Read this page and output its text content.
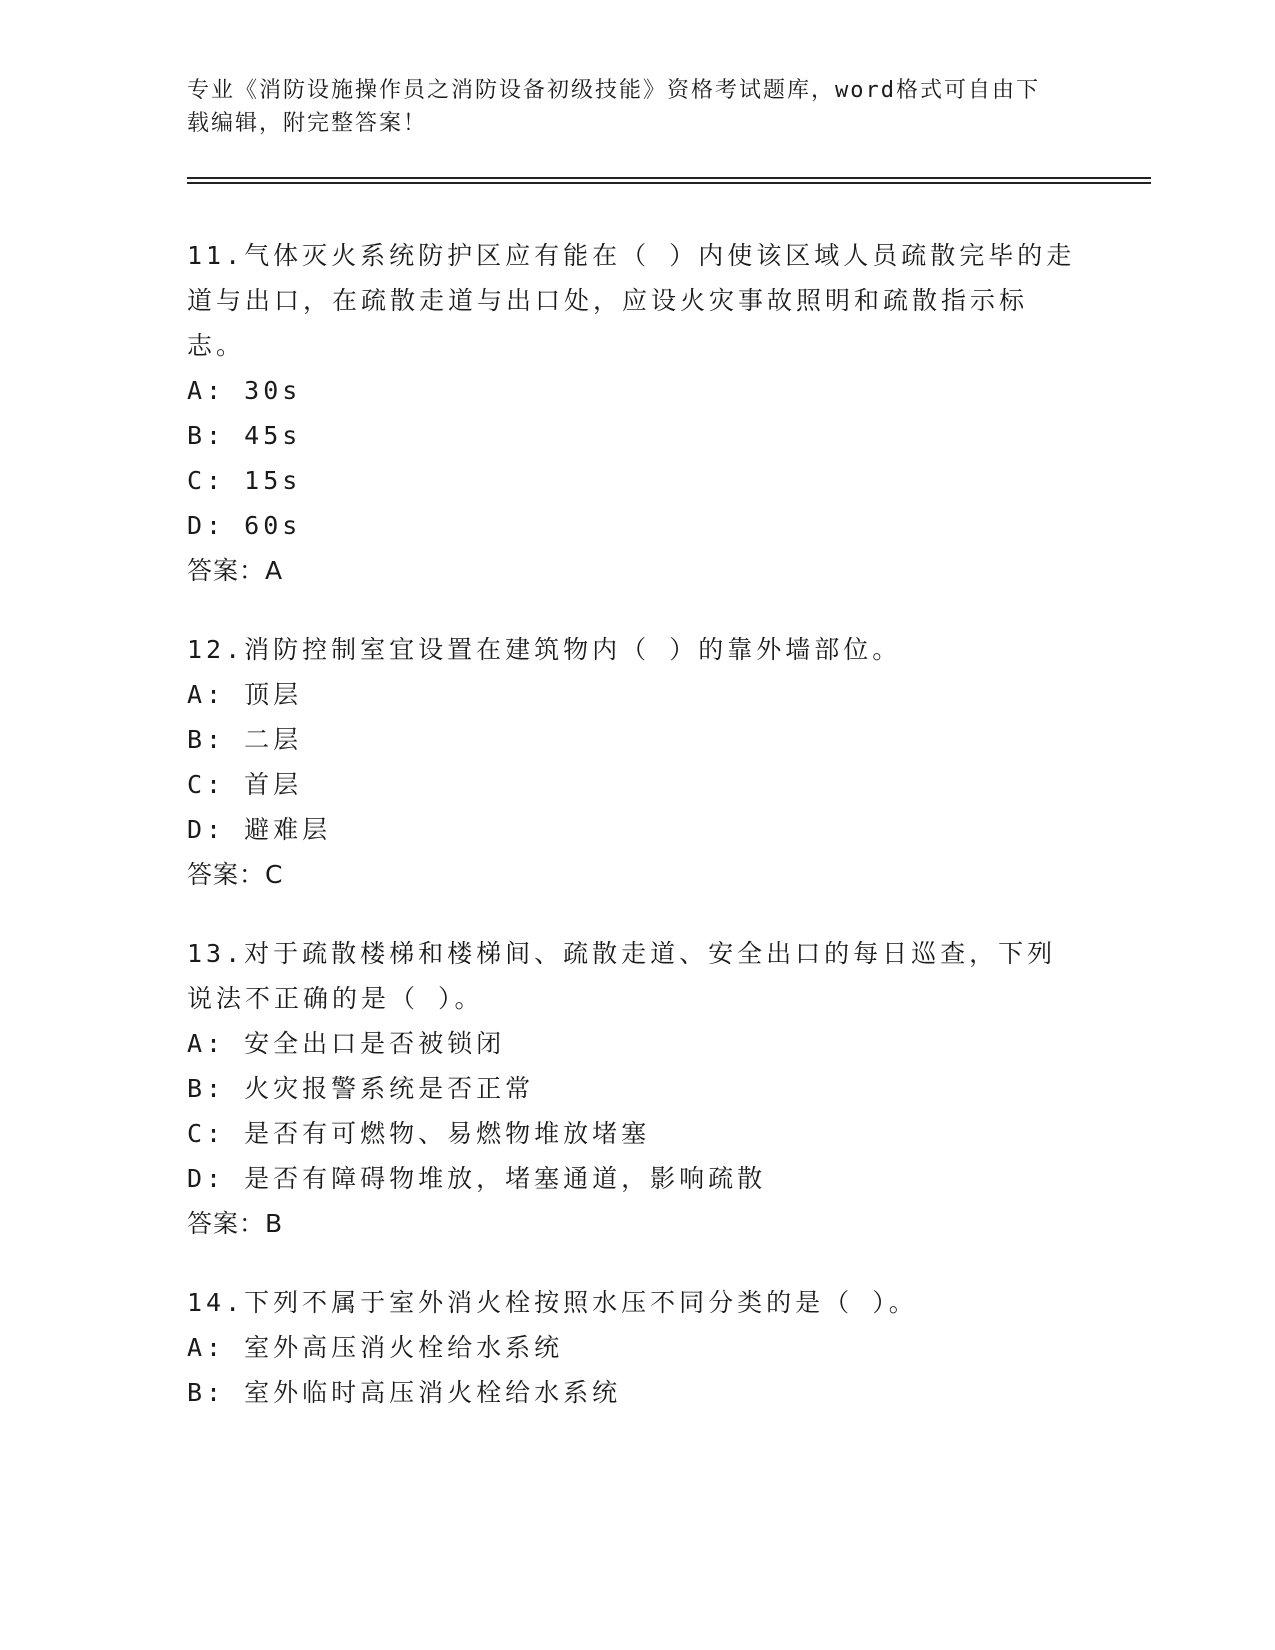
专业《消防设施操作员之消防设备初级技能》资格考试题库，word格式可自由下
载编辑，附完整答案！

11.气体灭火系统防护区应有能在（ ）内使该区域人员疏散完毕的走道与出口，在疏散走道与出口处，应设火灾事故照明和疏散指示标志。

A: 30s

B: 45s

C: 15s

D: 60s

答案：A

12.消防控制室宜设置在建筑物内（ ）的靠外墙部位。

A: 顶层

B: 二层

C: 首层

D: 避难层

答案：C

13.对于疏散楼梯和楼梯间、疏散走道、安全出口的每日巡查，下列说法不正确的是（ ）。

A: 安全出口是否被锁闭

B: 火灾报警系统是否正常

C: 是否有可燃物、易燃物堆放堵塞

D: 是否有障碍物堆放，堵塞通道，影响疏散

答案：B

14.下列不属于室外消火栓按照水压不同分类的是（ ）。

A: 室外高压消火栓给水系统

B: 室外临时高压消火栓给水系统
